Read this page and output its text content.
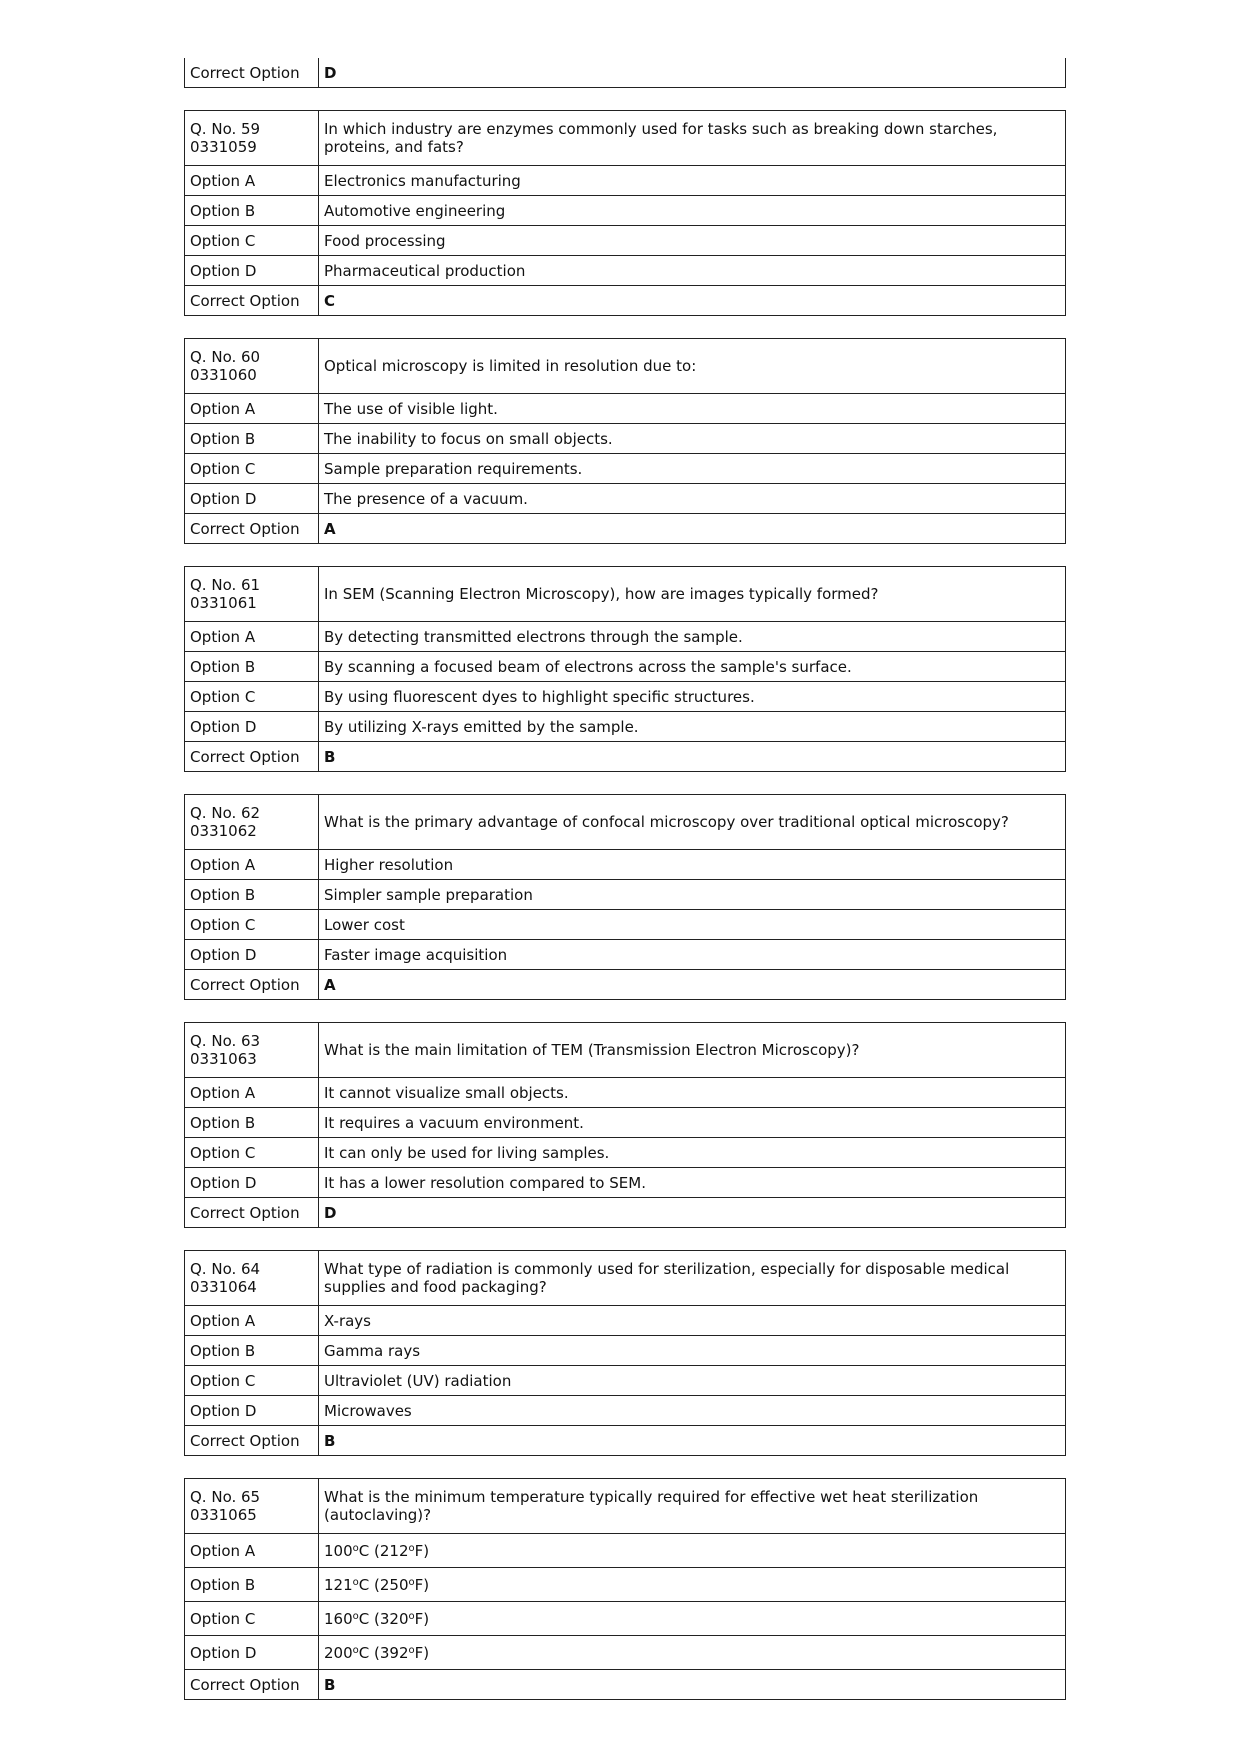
Correct Option	D
Q. No. 59
0331059	In which industry are enzymes commonly used for tasks such as breaking down starches, proteins, and fats?
Option A	Electronics manufacturing
Option B	Automotive engineering
Option C	Food processing
Option D	Pharmaceutical production
Correct Option	C
Q. No. 60
0331060	Optical microscopy is limited in resolution due to:
Option A	The use of visible light.
Option B	The inability to focus on small objects.
Option C	Sample preparation requirements.
Option D	The presence of a vacuum.
Correct Option	A
Q. No. 61
0331061	In SEM (Scanning Electron Microscopy), how are images typically formed?
Option A	By detecting transmitted electrons through the sample.
Option B	By scanning a focused beam of electrons across the sample's surface.
Option C	By using fluorescent dyes to highlight specific structures.
Option D	By utilizing X-rays emitted by the sample.
Correct Option	B
Q. No. 62
0331062	What is the primary advantage of confocal microscopy over traditional optical microscopy?
Option A	Higher resolution
Option B	Simpler sample preparation
Option C	Lower cost
Option D	Faster image acquisition
Correct Option	A
Q. No. 63
0331063	What is the main limitation of TEM (Transmission Electron Microscopy)?
Option A	It cannot visualize small objects.
Option B	It requires a vacuum environment.
Option C	It can only be used for living samples.
Option D	It has a lower resolution compared to SEM.
Correct Option	D
Q. No. 64
0331064	What type of radiation is commonly used for sterilization, especially for disposable medical supplies and food packaging?
Option A	X-rays
Option B	Gamma rays
Option C	Ultraviolet (UV) radiation
Option D	Microwaves
Correct Option	B
Q. No. 65
0331065	What is the minimum temperature typically required for effective wet heat sterilization (autoclaving)?
Option A	100$^o$C (212$^o$F)
Option B	121$^o$C (250$^o$F)
Option C	160$^o$C (320$^o$F)
Option D	200$^o$C (392$^o$F)
Correct Option	B
